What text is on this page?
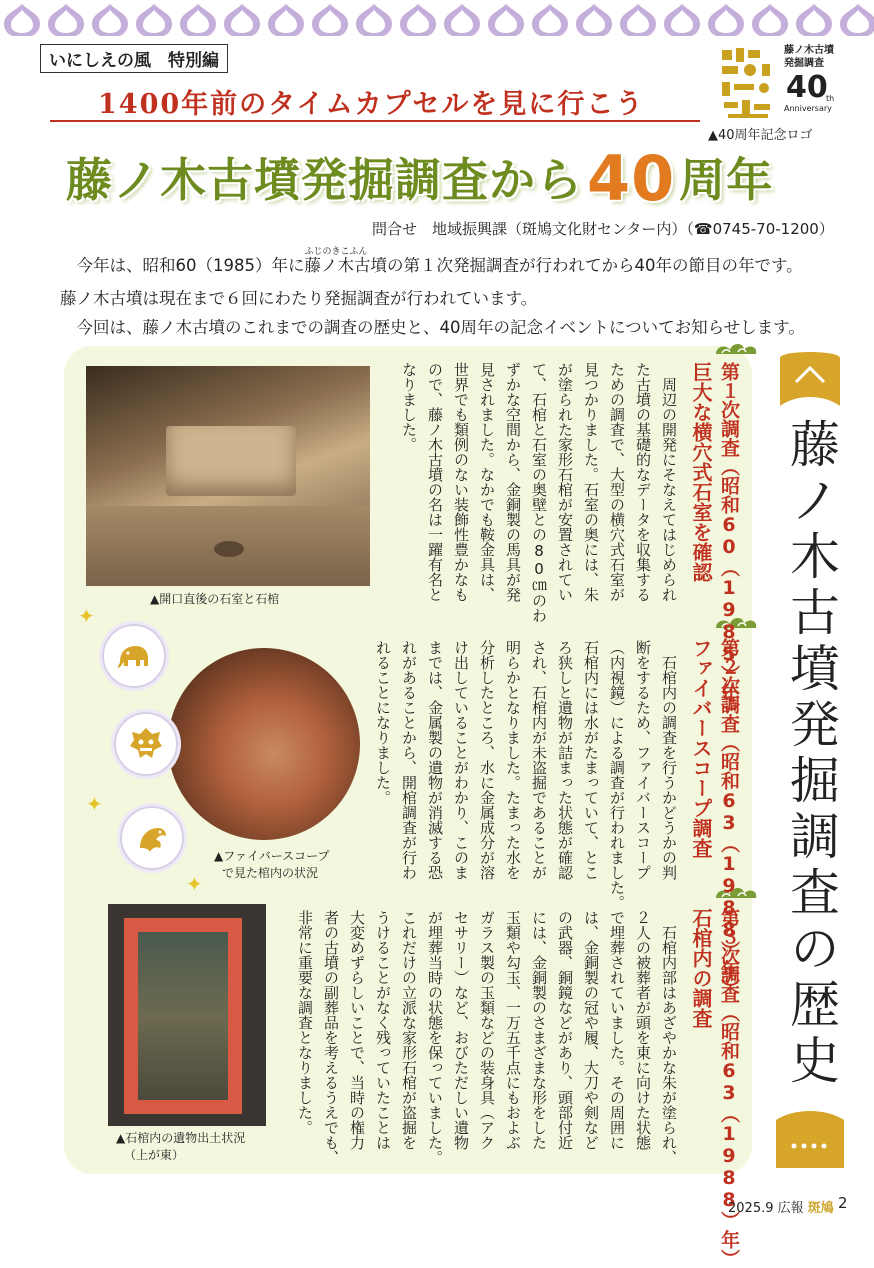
いにしえの風　特別編
1400年前のタイムカプセルを見に行こう
藤ノ木古墳発掘調査から40周年
藤ノ木古墳
発掘調査
40
th
Anniversary
▲40周年記念ロゴ
問合せ　地域振興課（斑鳩文化財センター内）（☎0745-70-1200）
　今年は、昭和60（1985）年に
ふじのきこふん
藤ノ木古墳の第１次発掘調査が行われてから40年の節目の年です。
藤ノ木古墳は現在まで６回にわたり発掘調査が行われています。
　今回は、藤ノ木古墳のこれまでの調査の歴史と、40周年の記念イベントについてお知らせします。
▲開口直後の石室と石棺
▲ファイバースコープ
で見た棺内の状況
▲石棺内の遺物出土状況
（上が東）
✦
✦
✦
第１次調査（昭和60（1985）年）
巨大な横穴式石室を確認
　周辺の開発にそなえてはじめられ
た古墳の基礎的なデータを収集する
ための調査で、大型の横穴式石室が
見つかりました。石室の奥には、朱
が塗られた家形石棺が安置されてい
て、石棺と石室の奥壁との80㎝のわ
ずかな空間から、金銅製の馬具が発
見されました。なかでも鞍金具は、
世界でも類例のない装飾性豊かなも
ので、藤ノ木古墳の名は一躍有名と
なりました。
第２次調査（昭和63（1988）年）
ファイバースコープ調査
　石棺内の調査を行うかどうかの判
断をするため、ファイバースコープ
（内視鏡）による調査が行われました。
石棺内には水がたまっていて、とこ
ろ狭しと遺物が詰まった状態が確認
され、石棺内が未盗掘であることが
明らかとなりました。たまった水を
分析したところ、水に金属成分が溶
け出していることがわかり、このま
までは、金属製の遺物が消滅する恐
れがあることから、開棺調査が行わ
れることになりました。
第３次調査（昭和63（1988）年）
石棺内の調査
　石棺内部はあざやかな朱が塗られ、
２人の被葬者が頭を東に向けた状態
で埋葬されていました。その周囲に
は、金銅製の冠や履、大刀や剣など
の武器、銅鏡などがあり、頭部付近
には、金銅製のさまざまな形をした
玉類や勾玉、一万五千点にもおよぶ
ガラス製の玉類などの装身具（アク
セサリー）など、おびただしい遺物
が埋葬当時の状態を保っていました。
これだけの立派な家形石棺が盗掘を
うけることがなく残っていたことは
大変めずらしいことで、当時の権力
者の古墳の副葬品を考えるうえでも、
非常に重要な調査となりました。	藤ノ木古墳発掘調査の歴史
2025.9 広報 斑鳩 2
